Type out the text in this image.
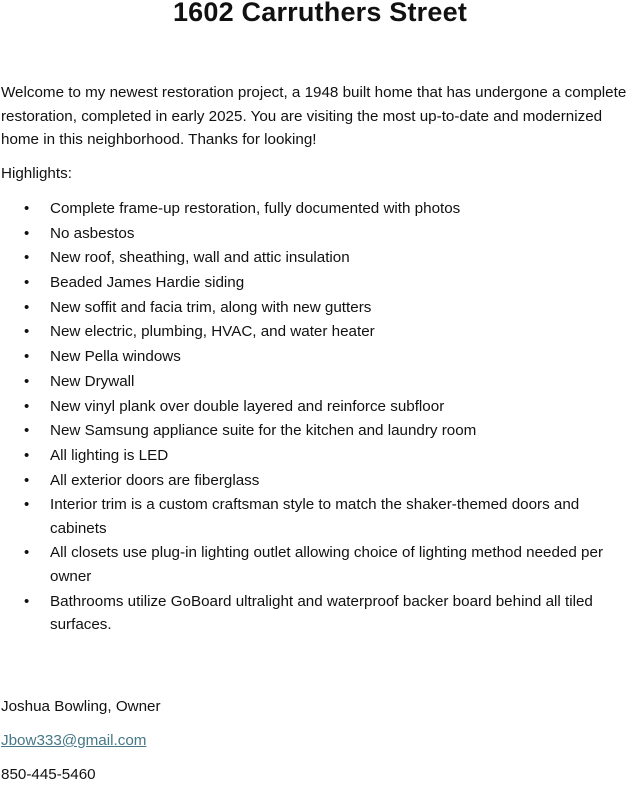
1602 Carruthers Street

Welcome to my newest restoration project, a 1948 built home that has undergone a complete restoration, completed in early 2025. You are visiting the most up-to-date and modernized home in this neighborhood. Thanks for looking!

Highlights:

• Complete frame-up restoration, fully documented with photos
• No asbestos
• New roof, sheathing, wall and attic insulation
• Beaded James Hardie siding
• New soffit and facia trim, along with new gutters
• New electric, plumbing, HVAC, and water heater
• New Pella windows
• New Drywall
• New vinyl plank over double layered and reinforce subfloor
• New Samsung appliance suite for the kitchen and laundry room
• All lighting is LED
• All exterior doors are fiberglass
• Interior trim is a custom craftsman style to match the shaker-themed doors and cabinets
• All closets use plug-in lighting outlet allowing choice of lighting method needed per owner
• Bathrooms utilize GoBoard ultralight and waterproof backer board behind all tiled surfaces.

Joshua Bowling, Owner

Jbow333@gmail.com

850-445-5460
